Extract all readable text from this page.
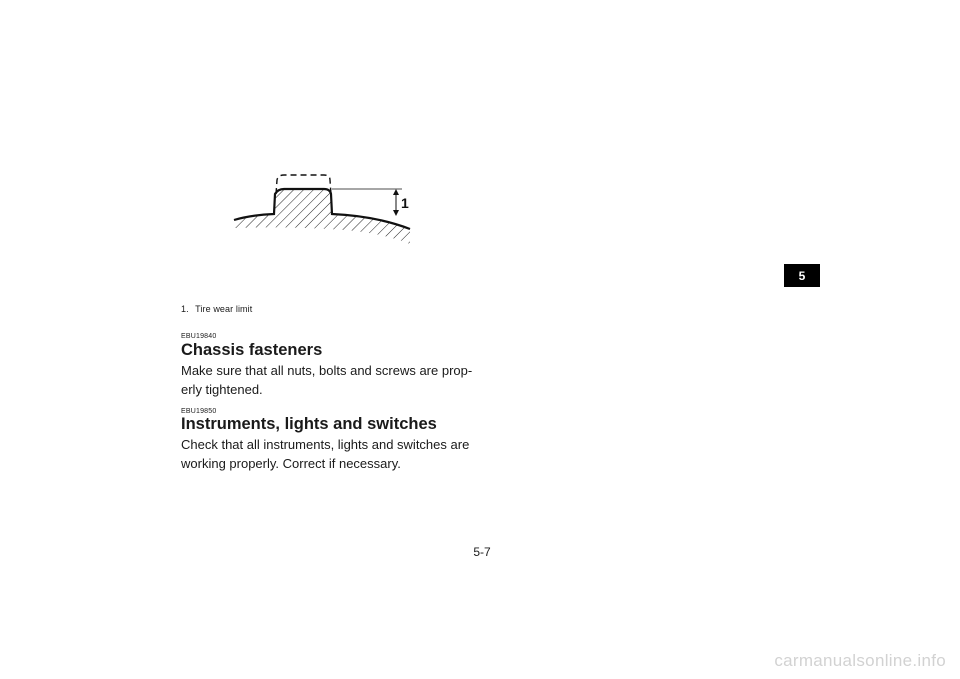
1
1. Tire wear limit
EBU19840
Chassis fasteners
Make sure that all nuts, bolts and screws are prop-
erly tightened.
EBU19850
Instruments, lights and switches
Check that all instruments, lights and switches are
working properly. Correct if necessary.
5
5-7
carmanualsonline.info
